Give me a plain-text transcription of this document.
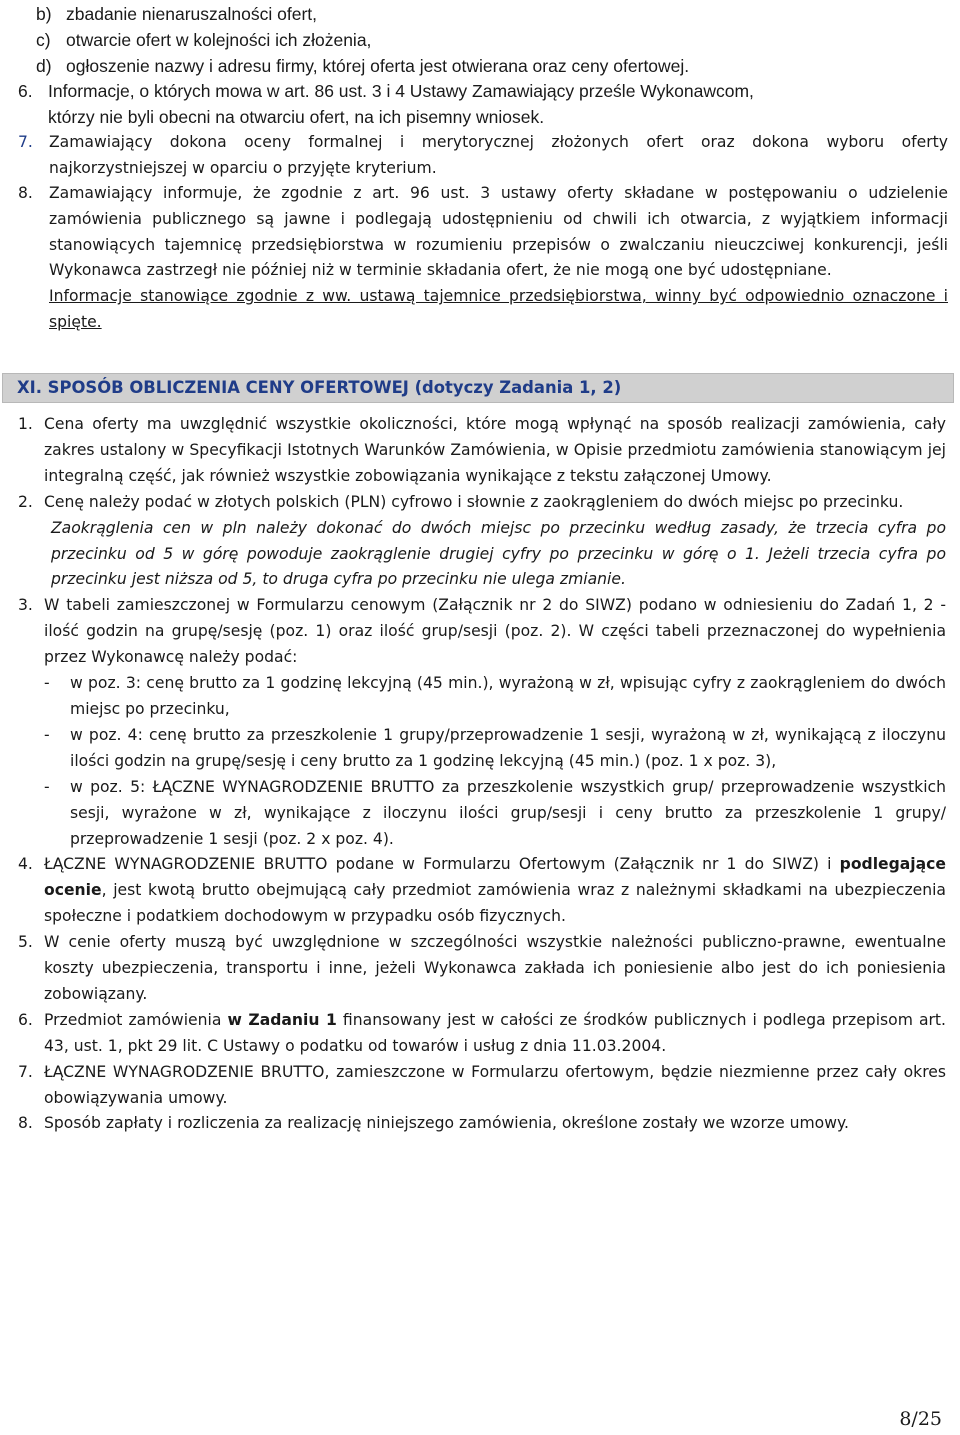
b) zbadanie nienaruszalności ofert,
c) otwarcie ofert w kolejności ich złożenia,
d) ogłoszenie nazwy i adresu firmy, której oferta jest otwierana oraz ceny ofertowej.
6. Informacje, o których mowa w art. 86 ust. 3 i 4 Ustawy Zamawiający prześle Wykonawcom,
którzy nie byli obecni na otwarciu ofert, na ich pisemny wniosek.
7.	Zamawiający dokona oceny formalnej i merytorycznej złożonych ofert oraz dokona wyboru oferty najkorzystniejszej w oparciu o przyjęte kryterium.
8.	Zamawiający informuje, że zgodnie z art. 96 ust. 3 ustawy oferty składane w postępowaniu o udzielenie zamówienia publicznego są jawne i podlegają udostępnieniu od chwili ich otwarcia, z wyjątkiem informacji stanowiących tajemnicę przedsiębiorstwa w rozumieniu przepisów o zwalczaniu nieuczciwej konkurencji, jeśli Wykonawca zastrzegł nie później niż w terminie składania ofert, że nie mogą one być udostępniane.
Informacje stanowiące zgodnie z ww. ustawą tajemnice przedsiębiorstwa, winny być odpowiednio oznaczone i spięte.
XI. SPOSÓB OBLICZENIA CENY OFERTOWEJ (dotyczy Zadania 1, 2)
1. Cena oferty ma uwzględnić wszystkie okoliczności, które mogą wpłynąć na sposób realizacji zamówienia, cały zakres ustalony w Specyfikacji Istotnych Warunków Zamówienia, w Opisie przedmiotu zamówienia stanowiącym jej integralną część, jak również wszystkie zobowiązania wynikające z tekstu załączonej Umowy.
2. Cenę należy podać w złotych polskich (PLN) cyfrowo i słownie z zaokrągleniem do dwóch miejsc po przecinku.
Zaokrąglenia cen w pln należy dokonać do dwóch miejsc po przecinku według zasady, że trzecia cyfra po przecinku od 5 w górę powoduje zaokrąglenie drugiej cyfry po przecinku w górę o 1. Jeżeli trzecia cyfra po przecinku jest niższa od 5, to druga cyfra po przecinku nie ulega zmianie.
3. W tabeli zamieszczonej w Formularzu cenowym (Załącznik nr 2 do SIWZ) podano w odniesieniu do Zadań 1, 2 - ilość godzin na grupę/sesję (poz. 1) oraz ilość grup/sesji (poz. 2). W części tabeli przeznaczonej do wypełnienia przez Wykonawcę należy podać:
-	w poz. 3: cenę brutto za 1 godzinę lekcyjną (45 min.), wyrażoną w zł, wpisując cyfry z zaokrągleniem do dwóch miejsc po przecinku,
-	w poz. 4: cenę brutto za przeszkolenie 1 grupy/przeprowadzenie 1 sesji, wyrażoną w zł, wynikającą z iloczynu ilości godzin na grupę/sesję i ceny brutto za 1 godzinę lekcyjną (45 min.) (poz. 1 x poz. 3),
-	w poz. 5: ŁĄCZNE WYNAGRODZENIE BRUTTO za przeszkolenie wszystkich grup/ przeprowadzenie wszystkich sesji, wyrażone w zł, wynikające z iloczynu ilości grup/sesji i ceny brutto za przeszkolenie 1 grupy/ przeprowadzenie 1 sesji (poz. 2 x poz. 4).
4. ŁĄCZNE WYNAGRODZENIE BRUTTO podane w Formularzu Ofertowym (Załącznik nr 1 do SIWZ) i podlegające ocenie, jest kwotą brutto obejmującą cały przedmiot zamówienia wraz z należnymi składkami na ubezpieczenia społeczne i podatkiem dochodowym w przypadku osób fizycznych.
5. W cenie oferty muszą być uwzględnione w szczególności wszystkie należności publiczno-prawne, ewentualne koszty ubezpieczenia, transportu i inne, jeżeli Wykonawca zakłada ich poniesienie albo jest do ich poniesienia zobowiązany.
6. Przedmiot zamówienia w Zadaniu 1 finansowany jest w całości ze środków publicznych i podlega przepisom art. 43, ust. 1, pkt 29 lit. C Ustawy o podatku od towarów i usług z dnia 11.03.2004.
7. ŁĄCZNE WYNAGRODZENIE BRUTTO, zamieszczone w Formularzu ofertowym, będzie niezmienne przez cały okres obowiązywania umowy.
8. Sposób zapłaty i rozliczenia za realizację niniejszego zamówienia, określone zostały we wzorze umowy.
8/25
